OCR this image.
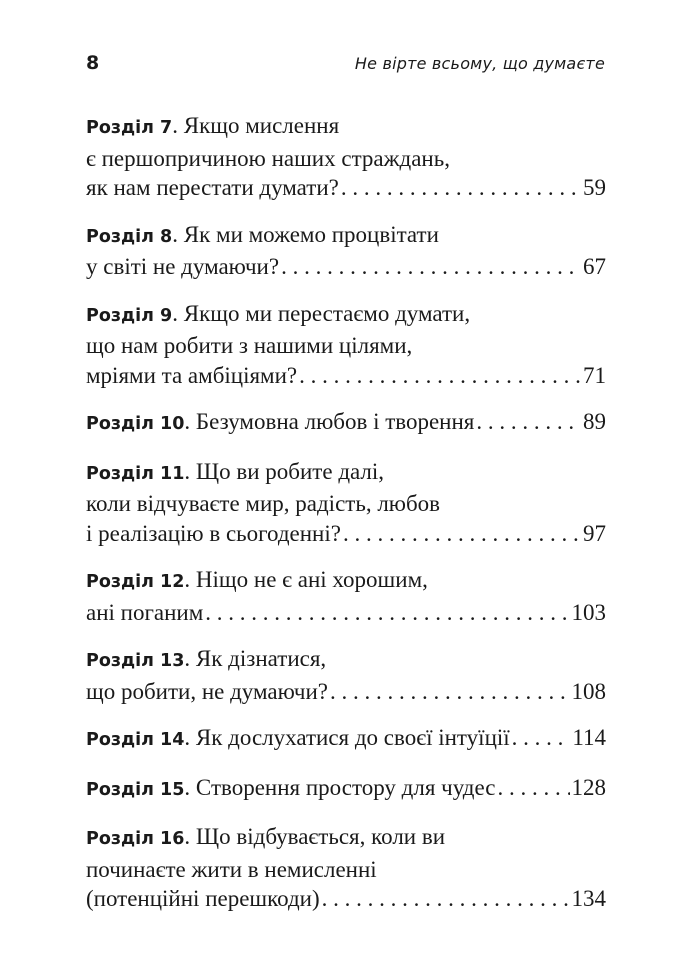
8	Не вірте всьому, що думаєте
Розділ 7. Якщо мислення
є першопричиною наших страждань,
як нам перестати думати? . . .	59
Розділ 8. Як ми можемо процвітати
у світі не думаючи? . . .	67
Розділ 9. Якщо ми перестаємо думати,
що нам робити з нашими цілями,
мріями та амбіціями? . . .	71
Розділ 10. Безумовна любов і творення . . .	89
Розділ 11. Що ви робите далі,
коли відчуваєте мир, радість, любов
і реалізацію в сьогоденні? . . .	97
Розділ 12. Ніщо не є ані хорошим,
ані поганим . . .	103
Розділ 13. Як дізнатися,
що робити, не думаючи? . . .	108
Розділ 14. Як дослухатися до своєї інтуїції . . .	114
Розділ 15. Створення простору для чудес . . .	128
Розділ 16. Що відбувається, коли ви
починаєте жити в немисленні
(потенційні перешкоди) . . .	134
